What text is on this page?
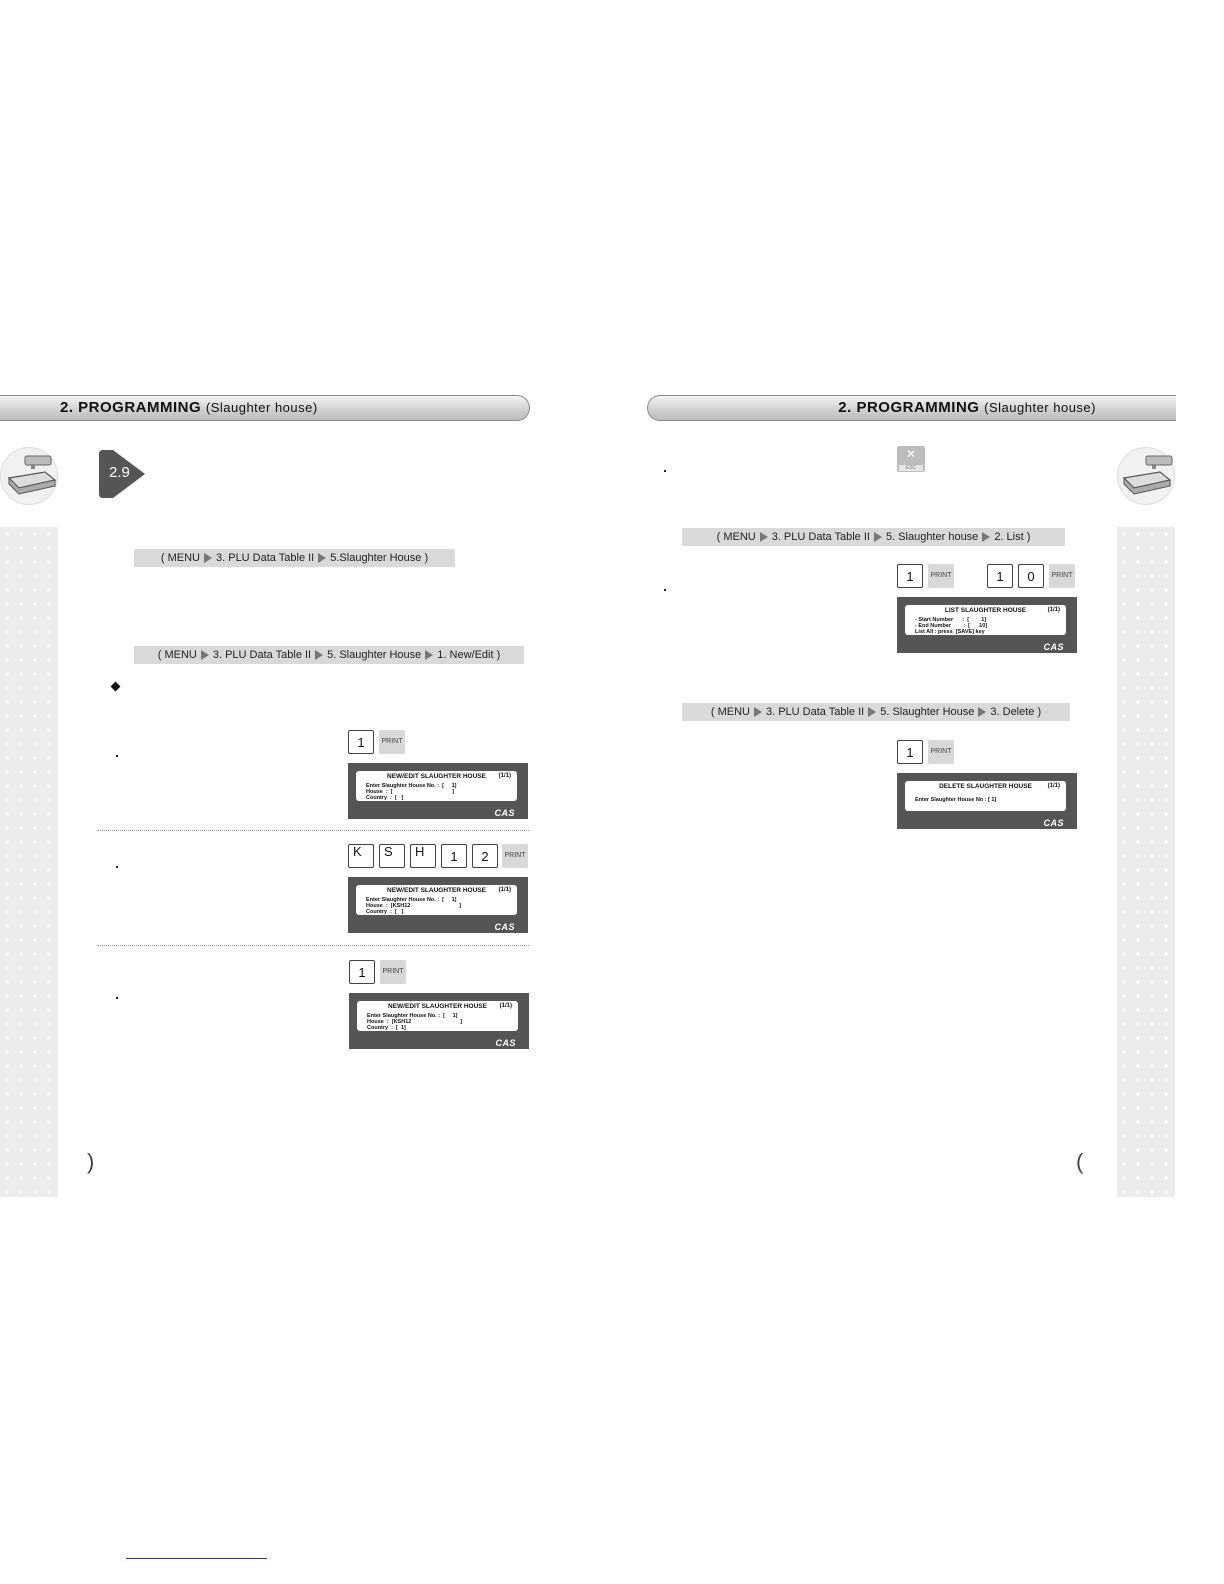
2. PROGRAMMING (Slaughter house)	2. PROGRAMMING (Slaughter house)
2.9
( MENU 3. PLU Data Table II 5.Slaughter House )
( MENU 3. PLU Data Table II 5. Slaughter House 1. New/Edit )
1	PRINT
NEW/EDIT SLAUGHTER HOUSE	(1/1)
Enter Slaughter House No. :  [     1]
House  :  [                                       ]
Country  :  [   ]
CAS
K	S	H	1	2	PRINT
NEW/EDIT SLAUGHTER HOUSE	(1/1)
Enter Slaughter House No. :  [     1]
House  :  [KSH12                                ]
Country  :  [   ]
CAS
1	PRINT
NEW/EDIT SLAUGHTER HOUSE	(1/1)
Enter Slaughter House No. :  [     1]
House  :  [KSH12                                ]
Country  :  [  1]
CAS
✕
ESC
( MENU 3. PLU Data Table II 5. Slaughter house 2. List )
1	PRINT	1	0	PRINT
LIST SLAUGHTER HOUSE	(1/1)
- Start Number      :  [        1]
- End Number        :  [      10]
List All : press  [SAVE] key
CAS
( MENU 3. PLU Data Table II 5. Slaughter House 3. Delete )
1	PRINT
DELETE SLAUGHTER HOUSE	(1/1)
Enter Slaughter House No : [ 1]
CAS
)	(
